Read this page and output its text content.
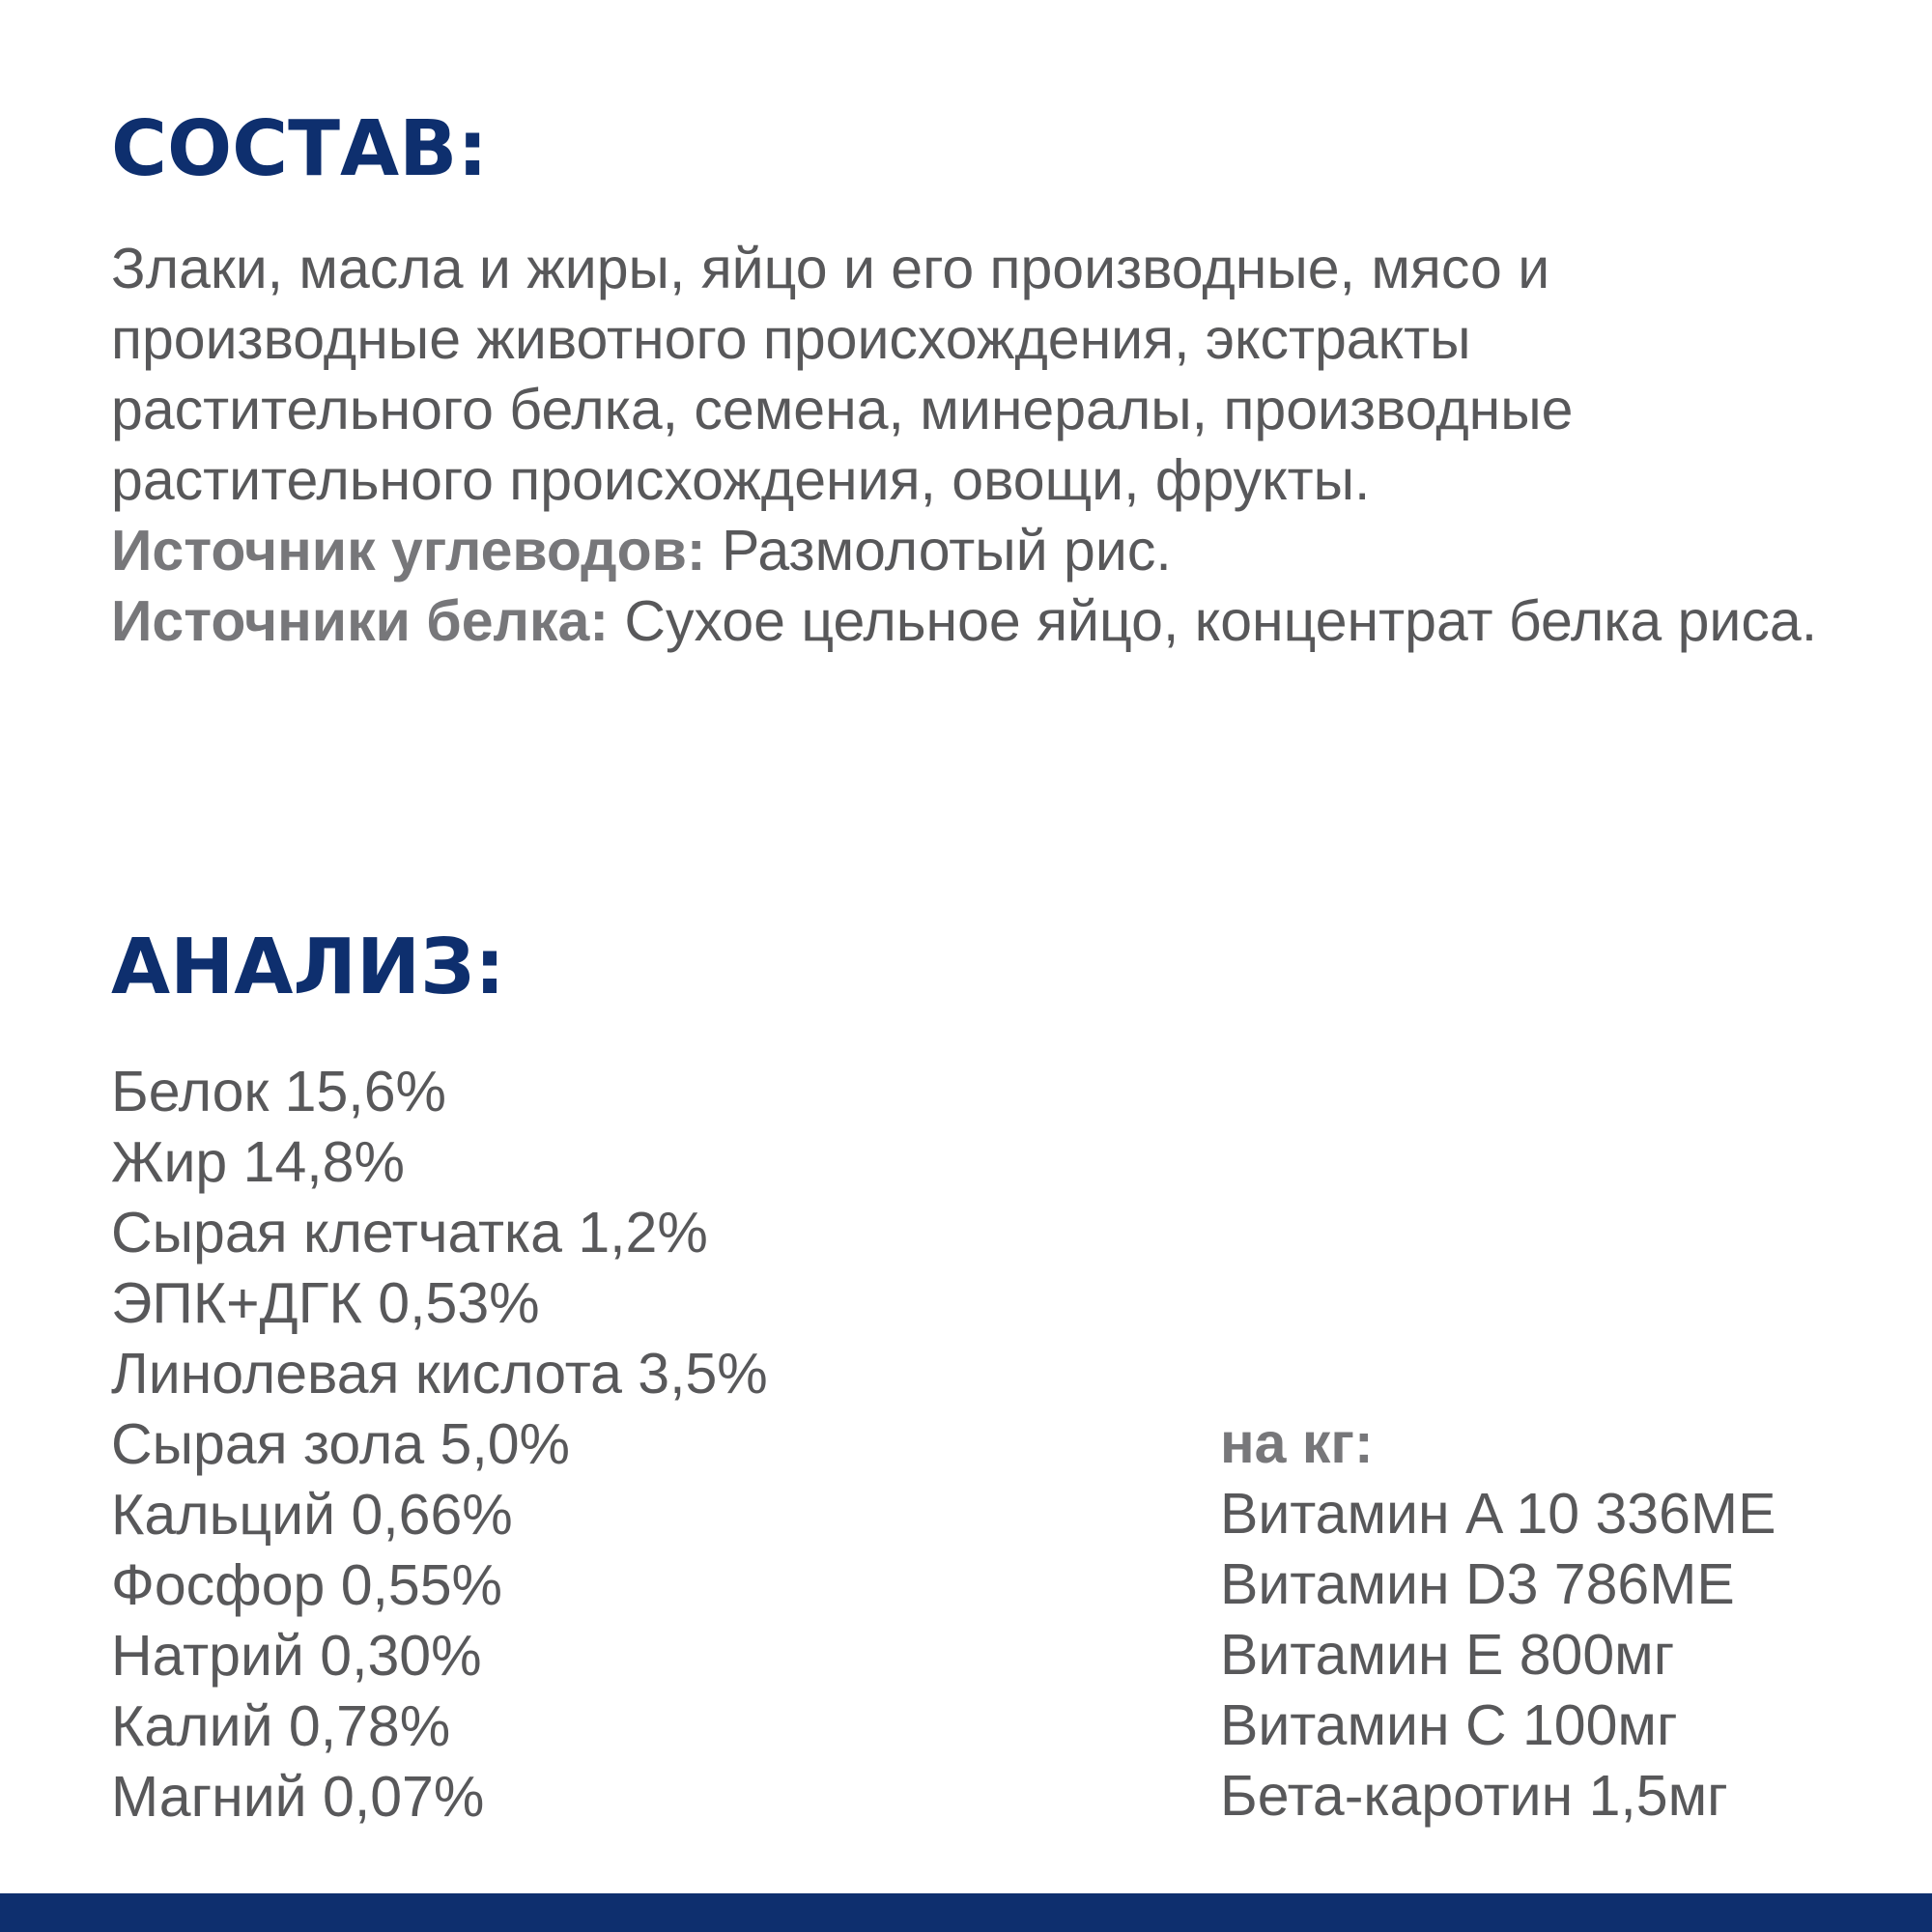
СОСТАВ:

Злаки, масла и жиры, яйцо и его производные, мясо и производные животного происхождения, экстракты растительного белка, семена, минералы, производные растительного происхождения, овощи, фрукты.

Источник углеводов: Размолотый рис.

Источники белка: Сухое цельное яйцо, концентрат белка риса.

АНАЛИЗ:
Белок 15,6%
Жир 14,8%
Сырая клетчатка 1,2%
ЭПК+ДГК 0,53%
Линолевая кислота 3,5%
Сырая зола 5,0%
Кальций 0,66%
Фосфор 0,55%
Натрий 0,30%
Калий 0,78%
Магний 0,07%
на кг:
Витамин A 10 336МЕ
Витамин D3 786МЕ
Витамин E 800мг
Витамин C 100мг
Бета-каротин 1,5мг
